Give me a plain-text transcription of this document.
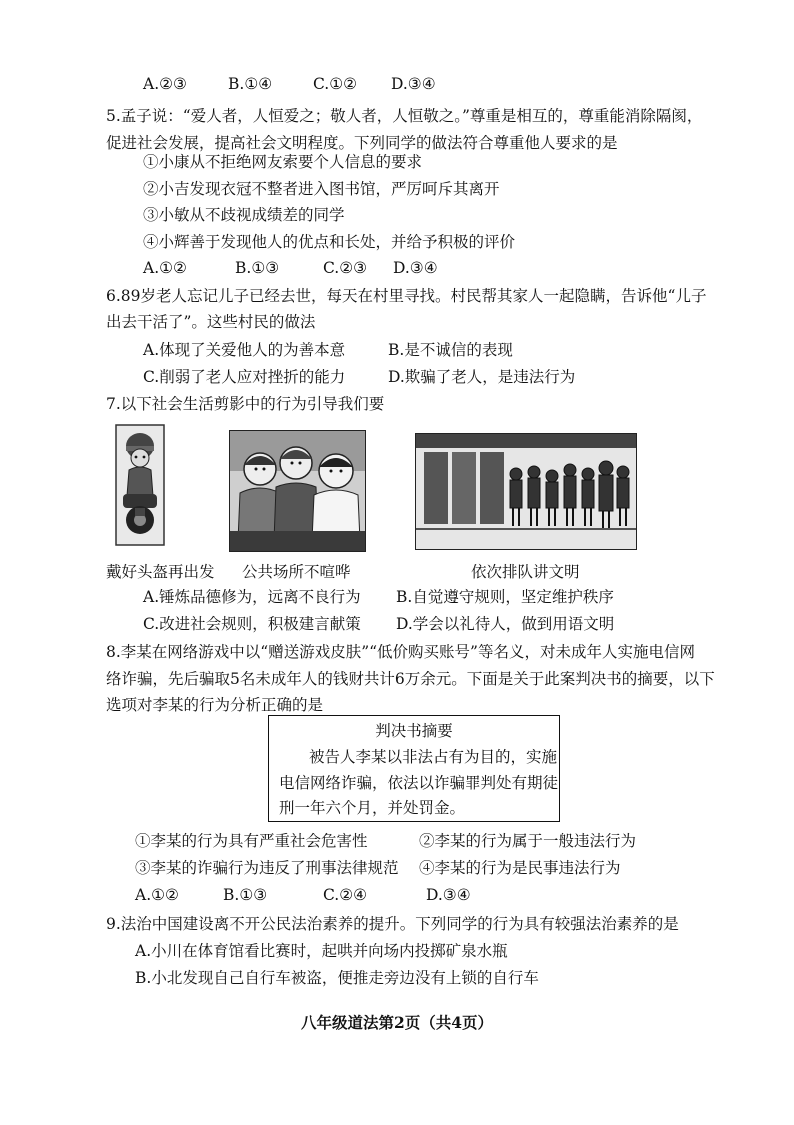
A.②③	B.①④	C.①② D.③④
5.孟子说：“爱人者，人恒爱之；敬人者，人恒敬之。”尊重是相互的，尊重能消除隔阂，
促进社会发展，提高社会文明程度。下列同学的做法符合尊重他人要求的是
①小康从不拒绝网友索要个人信息的要求
②小吉发现衣冠不整者进入图书馆，严厉呵斥其离开
③小敏从不歧视成绩差的同学
④小辉善于发现他人的优点和长处，并给予积极的评价
A.①②	B.①③	C.②③ D.③④
6.89岁老人忘记儿子已经去世，每天在村里寻找。村民帮其家人一起隐瞒，告诉他“儿子
出去干活了”。这些村民的做法
A.体现了关爱他人的为善本意	B.是不诚信的表现
C.削弱了老人应对挫折的能力	D.欺骗了老人，是违法行为
7.以下社会生活剪影中的行为引导我们要
戴好头盔再出发 公共场所不喧哗	依次排队讲文明
A.锤炼品德修为，远离不良行为 B.自觉遵守规则，坚定维护秩序
C.改进社会规则，积极建言献策 D.学会以礼待人，做到用语文明
8.李某在网络游戏中以“赠送游戏皮肤”“低价购买账号”等名义，对未成年人实施电信网
络诈骗，先后骗取5名未成年人的钱财共计6万余元。下面是关于此案判决书的摘要，以下
选项对李某的行为分析正确的是
判决书摘要
被告人李某以非法占有为目的，实施
电信网络诈骗，依法以诈骗罪判处有期徒
刑一年六个月，并处罚金。
①李某的行为具有严重社会危害性	②李某的行为属于一般违法行为
③李某的诈骗行为违反了刑事法律规范 ④李某的行为是民事违法行为
A.①②	B.①③	C.②④	D.③④
9.法治中国建设离不开公民法治素养的提升。下列同学的行为具有较强法治素养的是
A.小川在体育馆看比赛时，起哄并向场内投掷矿泉水瓶
B.小北发现自己自行车被盗，便推走旁边没有上锁的自行车
八年级道法第2页（共4页）
